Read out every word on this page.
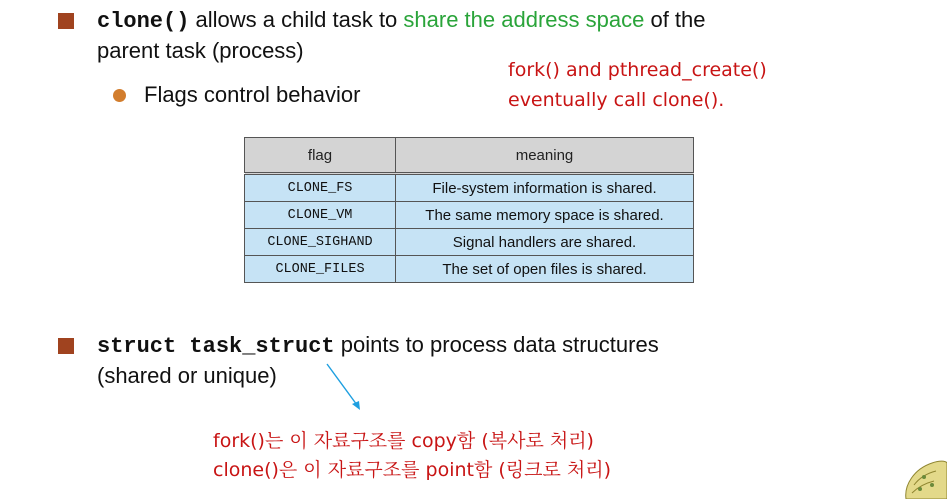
clone() allows a child task to share the address space of the
parent task (process)
Flags control behavior
fork() and pthread_create()
eventually call clone().
flag	meaning
CLONE_FS	File-system information is shared.
CLONE_VM	The same memory space is shared.
CLONE_SIGHAND	Signal handlers are shared.
CLONE_FILES	The set of open files is shared.
struct task_struct points to process data structures
(shared or unique)
fork()는 이 자료구조를 copy함 (복사로 처리)
clone()은 이 자료구조를 point함 (링크로 처리)
